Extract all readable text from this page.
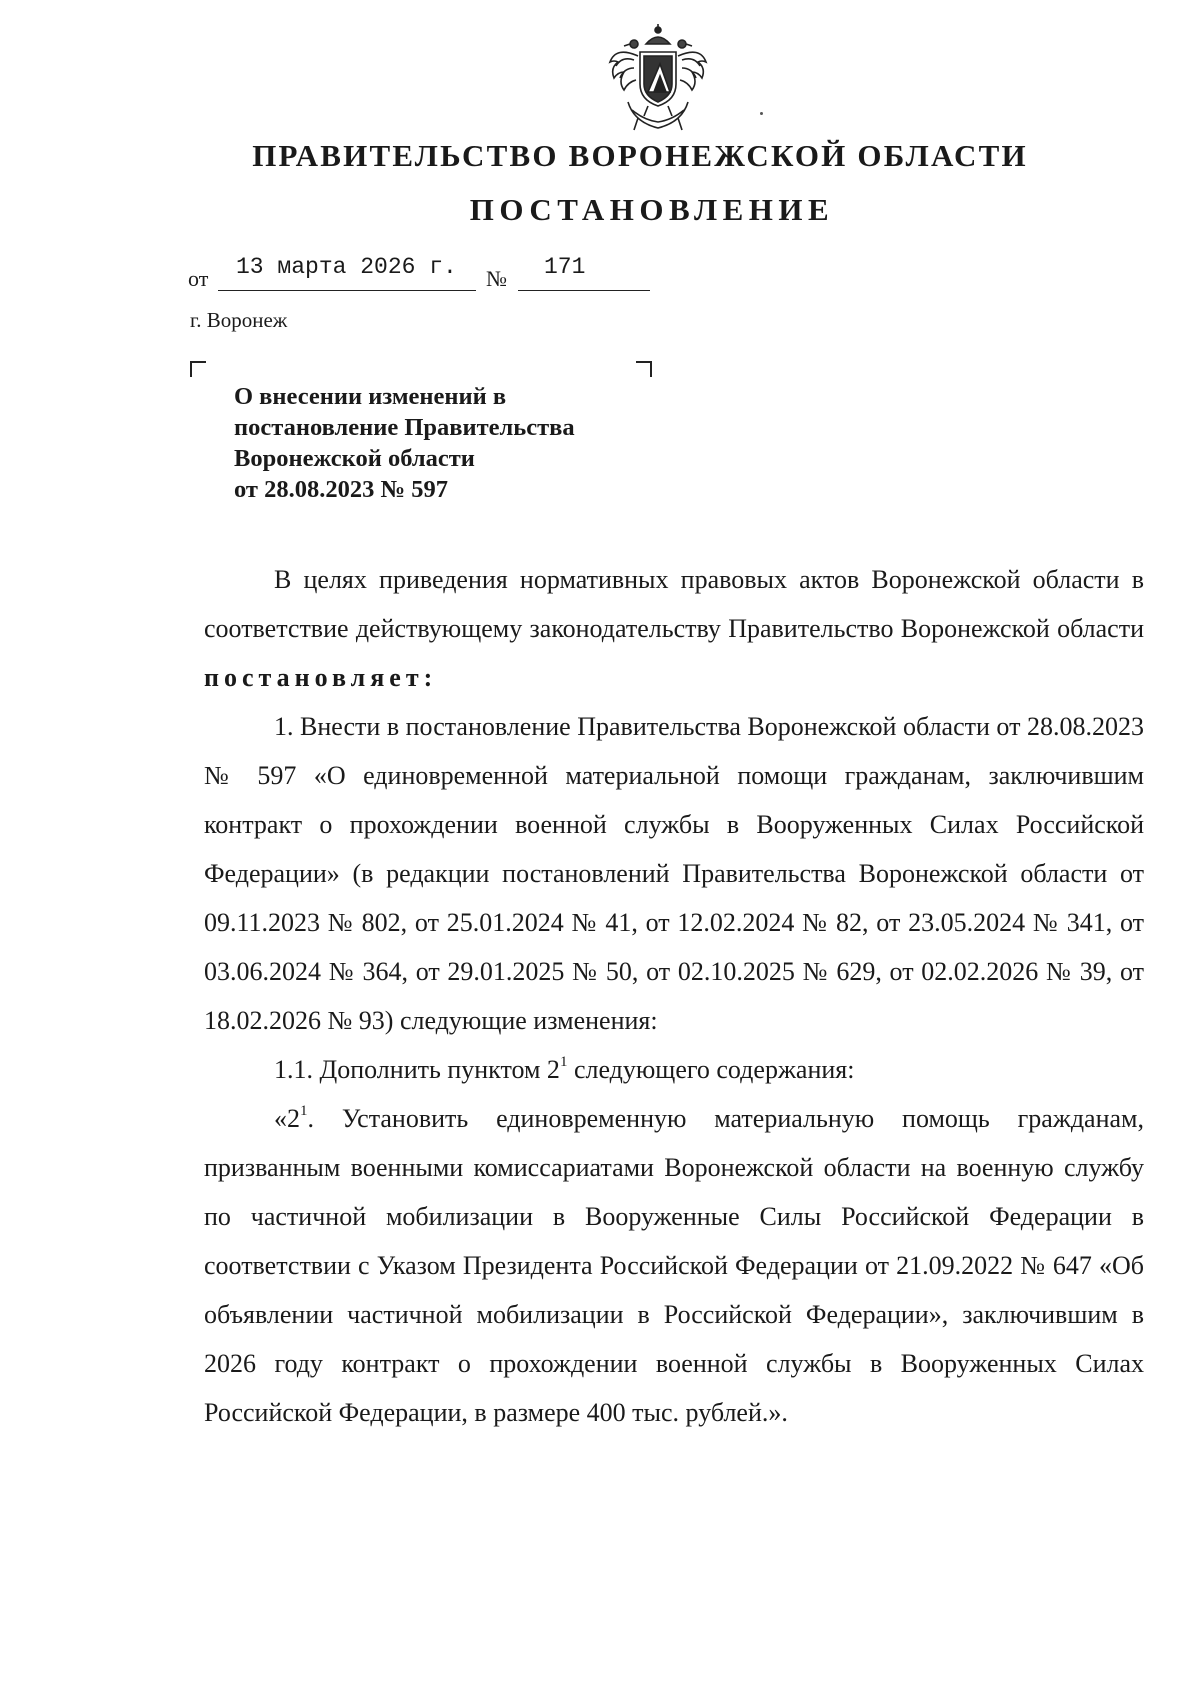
ПРАВИТЕЛЬСТВО ВОРОНЕЖСКОЙ ОБЛАСТИ
ПОСТАНОВЛЕНИЕ
от 13 марта 2026 г. № 171
г. Воронеж
О внесении изменений в
постановление Правительства
Воронежской области
от 28.08.2023 № 597

В целях приведения нормативных правовых актов Воронежской области в соответствие действующему законодательству Правительство Воронежской области постановляет:

1. Внести в постановление Правительства Воронежской области от 28.08.2023 № 597 «О единовременной материальной помощи гражданам, заключившим контракт о прохождении военной службы в Вооруженных Силах Российской Федерации» (в редакции постановлений Правительства Воронежской области от 09.11.2023 № 802, от 25.01.2024 № 41, от 12.02.2024 № 82, от 23.05.2024 № 341, от 03.06.2024 № 364, от 29.01.2025 № 50, от 02.10.2025 № 629, от 02.02.2026 № 39, от 18.02.2026 № 93) следующие изменения:

1.1. Дополнить пунктом $2^1$ следующего содержания:

«$2^1$. Установить единовременную материальную помощь гражданам, призванным военными комиссариатами Воронежской области на военную службу по частичной мобилизации в Вооруженные Силы Российской Федерации в соответствии с Указом Президента Российской Федерации от 21.09.2022 № 647 «Об объявлении частичной мобилизации в Российской Федерации», заключившим в 2026 году контракт о прохождении военной службы в Вооруженных Силах Российской Федерации, в размере 400 тыс. рублей.».
